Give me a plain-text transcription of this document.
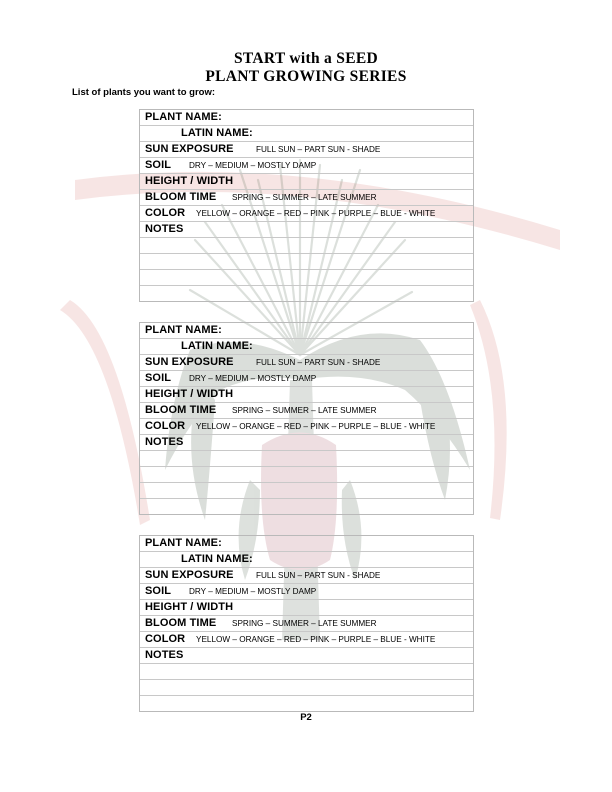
START with a SEED
PLANT GROWING SERIES
List of plants you want to grow:
PLANT NAME:
LATIN NAME:
SUN EXPOSURE	FULL SUN – PART SUN - SHADE
SOIL DRY – MEDIUM – MOSTLY DAMP
HEIGHT / WIDTH
BLOOM TIME SPRING – SUMMER – LATE SUMMER
COLOR YELLOW – ORANGE – RED – PINK – PURPLE – BLUE - WHITE
NOTES
PLANT NAME:
LATIN NAME:
SUN EXPOSURE	FULL SUN – PART SUN - SHADE
SOIL DRY – MEDIUM – MOSTLY DAMP
HEIGHT / WIDTH
BLOOM TIME SPRING – SUMMER – LATE SUMMER
COLOR YELLOW – ORANGE – RED – PINK – PURPLE – BLUE - WHITE
NOTES
PLANT NAME:
LATIN NAME:
SUN EXPOSURE	FULL SUN – PART SUN - SHADE
SOIL DRY – MEDIUM – MOSTLY DAMP
HEIGHT / WIDTH
BLOOM TIME SPRING – SUMMER – LATE SUMMER
COLOR YELLOW – ORANGE – RED – PINK – PURPLE – BLUE - WHITE
NOTES
P2
